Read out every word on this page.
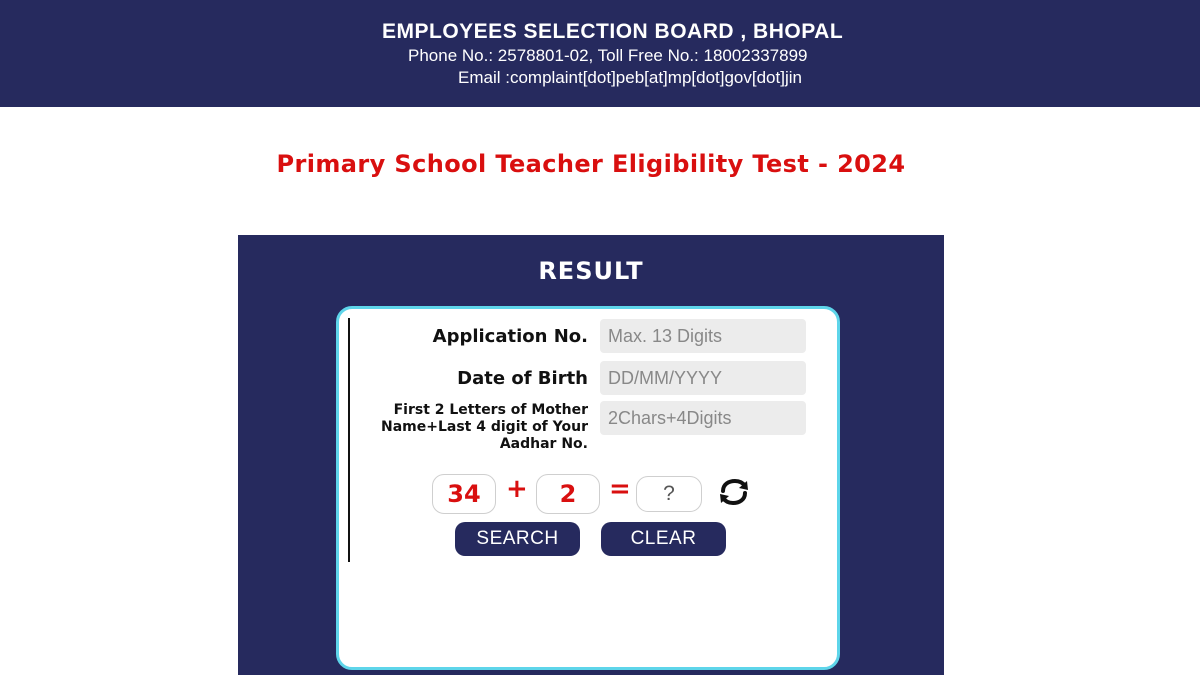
EMPLOYEES SELECTION BOARD , BHOPAL
Phone No.: 2578801-02, Toll Free No.: 18002337899
Email :complaint[dot]peb[at]mp[dot]gov[dot]jin
Primary School Teacher Eligibility Test - 2024
RESULT
Application No.
Max. 13 Digits
Date of Birth
DD/MM/YYYY
First 2 Letters of Mother Name+Last 4 digit of Your Aadhar No.
2Chars+4Digits
34 +	2	=
?
SEARCH	CLEAR
